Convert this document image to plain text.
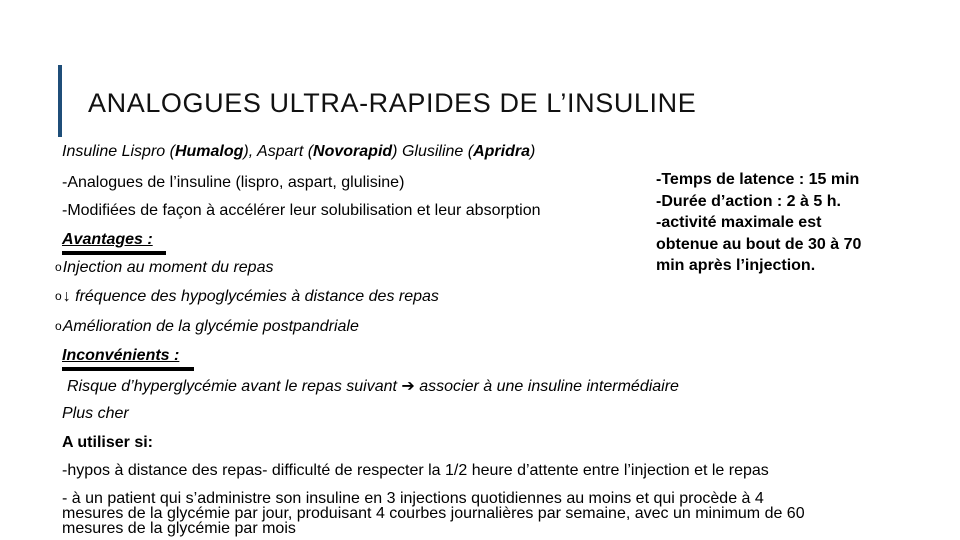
ANALOGUES ULTRA-RAPIDES DE L’INSULINE
Insuline Lispro (Humalog), Aspart (Novorapid) Glusiline (Apridra)
-Analogues de l’insuline (lispro, aspart, glulisine)
-Modifiées de façon à accélérer leur solubilisation et leur absorption
Avantages :
oInjection au moment du repas
o↓ fréquence des hypoglycémies à distance des repas
oAmélioration de la glycémie postpandriale
Inconvénients :
Risque d’hyperglycémie avant le repas suivant ➔ associer à une insuline intermédiaire
Plus cher
A utiliser si:
-hypos à distance des repas- difficulté de respecter la 1/2 heure d’attente entre l’injection et le repas
- à un patient qui s’administre son insuline en 3 injections quotidiennes au moins et qui procède à 4
mesures de la glycémie par jour, produisant 4 courbes journalières par semaine, avec un minimum de 60
mesures de la glycémie par mois
-Temps de latence : 15 min
-Durée d’action : 2 à 5 h.
-activité maximale est
obtenue au bout de 30 à 70
min après l’injection.
